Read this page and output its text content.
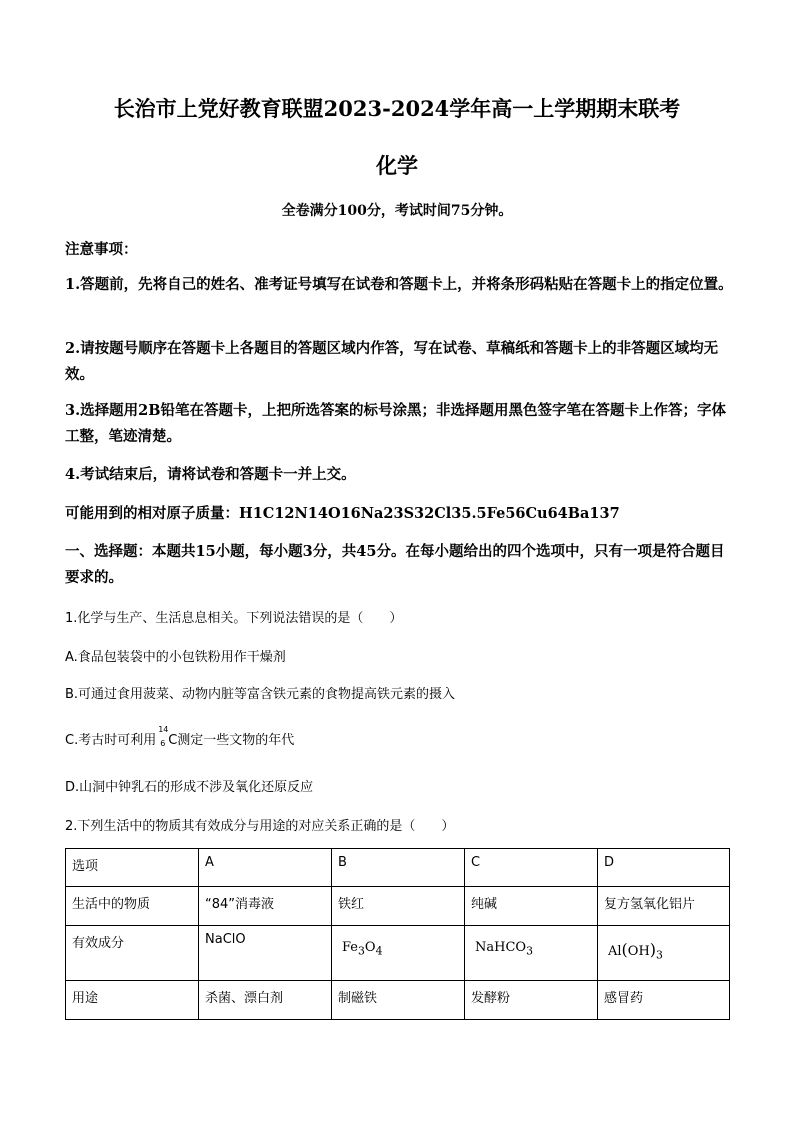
长治市上党好教育联盟2023-2024学年高一上学期期末联考
化学
全卷满分100分，考试时间75分钟。
注意事项：
1.答题前，先将自己的姓名、准考证号填写在试卷和答题卡上，并将条形码粘贴在答题卡上的指定位置。
2.请按题号顺序在答题卡上各题目的答题区域内作答，写在试卷、草稿纸和答题卡上的非答题区域均无效。
3.选择题用2B铅笔在答题卡，上把所选答案的标号涂黑；非选择题用黑色签字笔在答题卡上作答；字体工整，笔迹清楚。
4.考试结束后，请将试卷和答题卡一并上交。
可能用到的相对原子质量：H1C12N14O16Na23S32Cl35.5Fe56Cu64Ba137
一、选择题：本题共15小题，每小题3分，共45分。在每小题给出的四个选项中，只有一项是符合题目要求的。
1.化学与生产、生活息息相关。下列说法错误的是（　　）
A.食品包装袋中的小包铁粉用作干燥剂
B.可通过食用菠菜、动物内脏等富含铁元素的食物提高铁元素的摄入
C.考古时可利用
14
6 C测定一些文物的年代
D.山洞中钟乳石的形成不涉及氧化还原反应
2.下列生活中的物质其有效成分与用途的对应关系正确的是（　　）
选项	A	B	C	D
生活中的物质	“84”消毒液	铁红	纯碱	复方氢氧化铝片
有效成分	NaClO	$Fe_3O_4$	NaHCO$_3$	$Al(OH)_3$
用途	杀菌、漂白剂	制磁铁	发酵粉	感冒药
